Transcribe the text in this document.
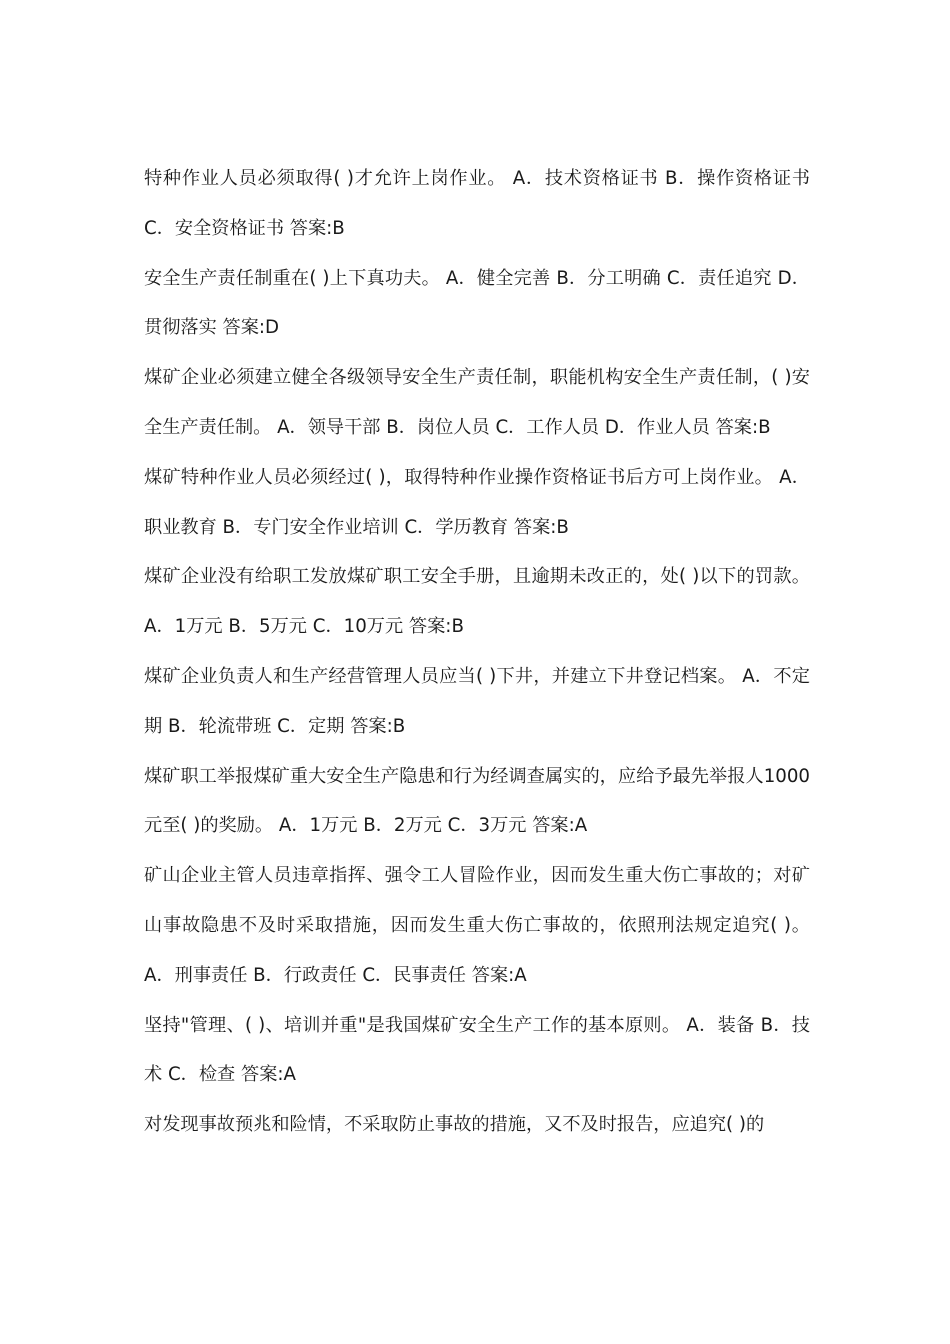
特种作业人员必须取得( )才允许上岗作业。 A．技术资格证书 B．操作资格证书 C．安全资格证书 答案:B

安全生产责任制重在( )上下真功夫。 A．健全完善 B．分工明确 C．责任追究 D．贯彻落实 答案:D

煤矿企业必须建立健全各级领导安全生产责任制，职能机构安全生产责任制，( )安全生产责任制。 A．领导干部 B．岗位人员 C．工作人员 D．作业人员 答案:B

煤矿特种作业人员必须经过( )，取得特种作业操作资格证书后方可上岗作业。 A．职业教育 B．专门安全作业培训 C．学历教育 答案:B

煤矿企业没有给职工发放煤矿职工安全手册，且逾期未改正的，处( )以下的罚款。 A．1万元 B．5万元 C．10万元 答案:B

煤矿企业负责人和生产经营管理人员应当( )下井，并建立下井登记档案。 A．不定期 B．轮流带班 C．定期 答案:B

煤矿职工举报煤矿重大安全生产隐患和行为经调查属实的，应给予最先举报人1000元至( )的奖励。 A．1万元 B．2万元 C．3万元 答案:A

矿山企业主管人员违章指挥、强令工人冒险作业，因而发生重大伤亡事故的；对矿山事故隐患不及时采取措施，因而发生重大伤亡事故的，依照刑法规定追究( )。 A．刑事责任 B．行政责任 C．民事责任 答案:A

坚持"管理、( )、培训并重"是我国煤矿安全生产工作的基本原则。 A．装备 B．技术 C．检查 答案:A

对发现事故预兆和险情，不采取防止事故的措施，又不及时报告，应追究( )的
